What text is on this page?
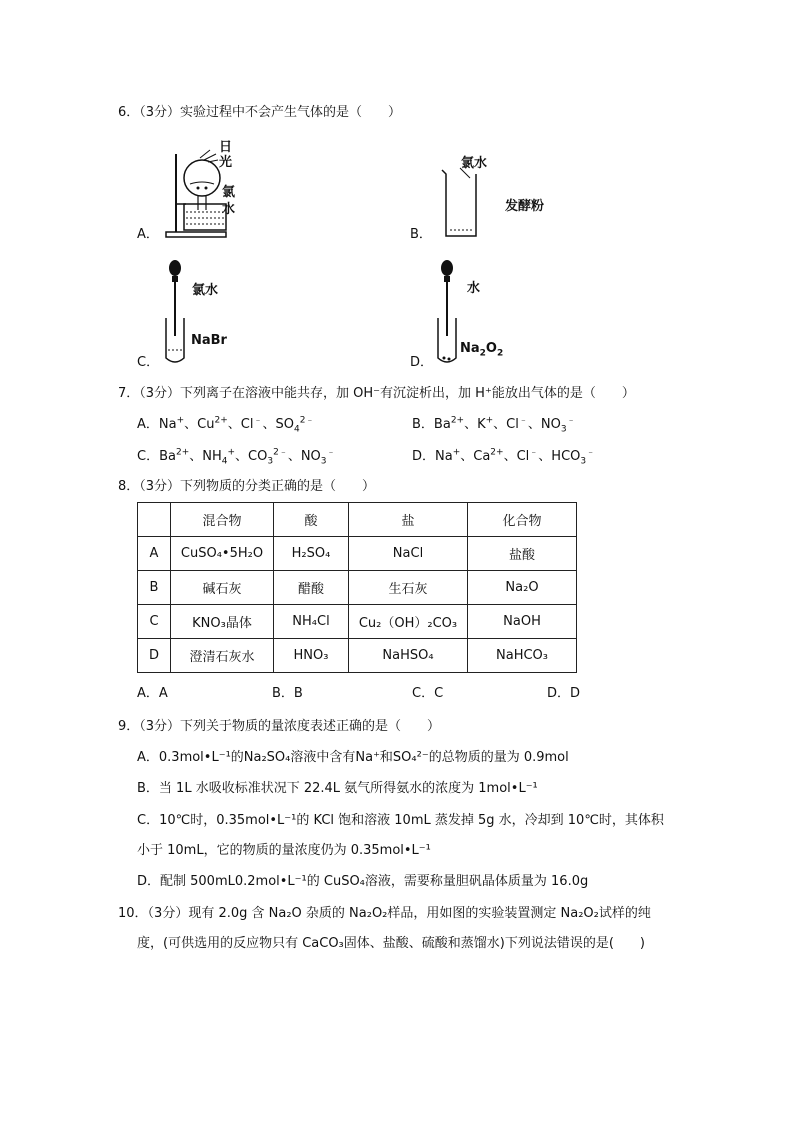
6．（3分）实验过程中不会产生气体的是（　　）
A．
日
光
氯
水
B．
氯水
发酵粉
C．
氯水
NaBr
D．
水
$Na_2O_2$
7．（3分）下列离子在溶液中能共存，加 OH⁻有沉淀析出，加 H⁺能放出气体的是（　　）
A．Na+、$Cu^{2+}$、Cl﹣、$SO_4^{2﹣}$	B．$Ba^{2+}$、K+、Cl﹣、$NO_3^﹣$
C．$Ba^{2+}$、$NH_4^+$、$CO_3^{2﹣}$、$NO_3^﹣$	D．Na+、$Ca^{2+}$、Cl﹣、$HCO_3^﹣$
8．（3分）下列物质的分类正确的是（　　）
	混合物	酸	盐	化合物
A	CuSO₄•5H₂O	H₂SO₄	NaCl	盐酸
B	碱石灰	醋酸	生石灰	Na₂O
C	KNO₃晶体	NH₄Cl	Cu₂（OH）₂CO₃	NaOH
D	澄清石灰水	HNO₃	NaHSO₄	NaHCO₃
A．A	B．B	C．C	D．D
9．（3分）下列关于物质的量浓度表述正确的是（　　）
A．0.3mol•L⁻¹的Na₂SO₄溶液中含有Na⁺和SO₄²⁻的总物质的量为 0.9mol
B．当 1L 水吸收标准状况下 22.4L 氨气所得氨水的浓度为 1mol•L⁻¹
C．10℃时，0.35mol•L⁻¹的 KCl 饱和溶液 10mL 蒸发掉 5g 水，冷却到 10℃时，其体积
小于 10mL，它的物质的量浓度仍为 0.35mol•L⁻¹
D．配制 500mL0.2mol•L⁻¹的 CuSO₄溶液，需要称量胆矾晶体质量为 16.0g
10．（3分）现有 2.0g 含 Na₂O 杂质的 Na₂O₂样品，用如图的实验装置测定 Na₂O₂试样的纯
度，(可供选用的反应物只有 CaCO₃固体、盐酸、硫酸和蒸馏水)下列说法错误的是(　　)
